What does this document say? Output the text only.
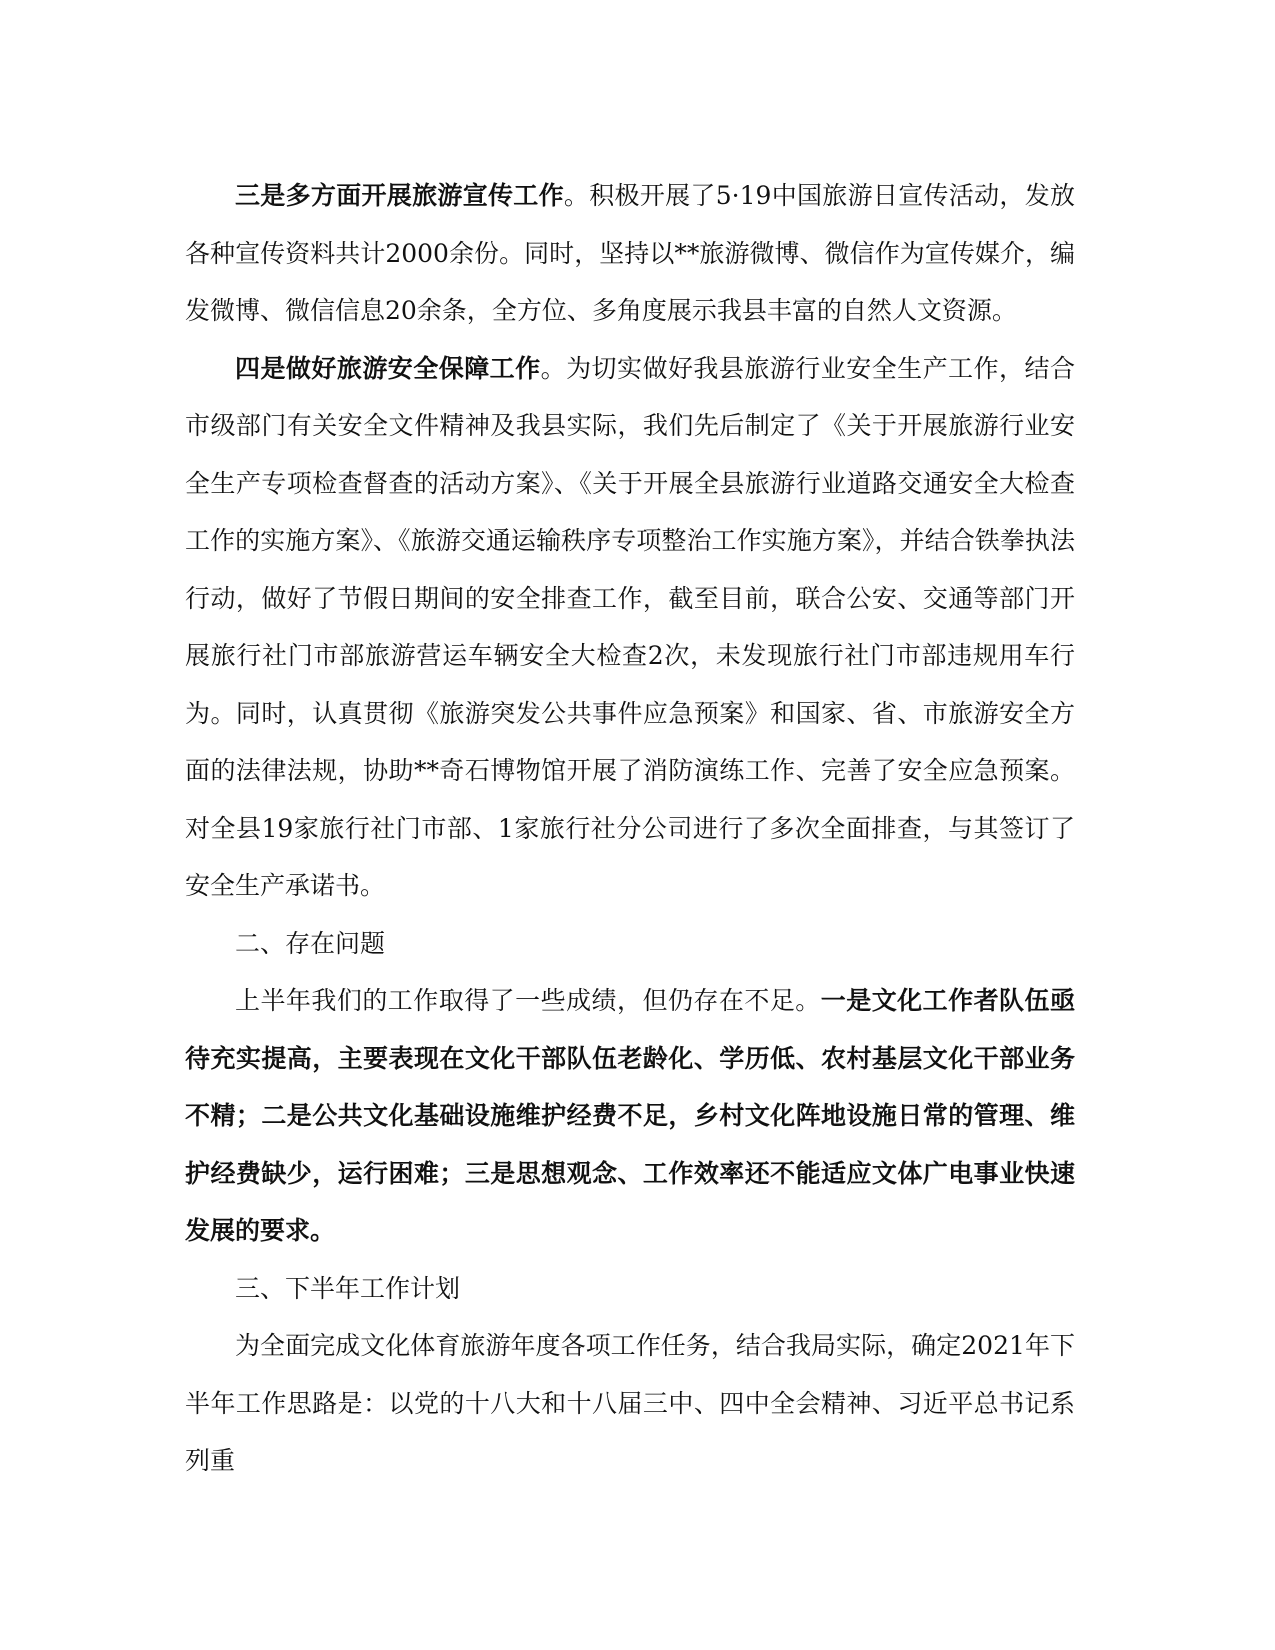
三是多方面开展旅游宣传工作。积极开展了5·19中国旅游日宣传活动，发放各种宣传资料共计2000余份。同时，坚持以**旅游微博、微信作为宣传媒介，编发微博、微信信息20余条，全方位、多角度展示我县丰富的自然人文资源。

四是做好旅游安全保障工作。为切实做好我县旅游行业安全生产工作，结合市级部门有关安全文件精神及我县实际，我们先后制定了《关于开展旅游行业安全生产专项检查督查的活动方案》、《关于开展全县旅游行业道路交通安全大检查工作的实施方案》、《旅游交通运输秩序专项整治工作实施方案》，并结合铁拳执法行动，做好了节假日期间的安全排查工作，截至目前，联合公安、交通等部门开展旅行社门市部旅游营运车辆安全大检查2次，未发现旅行社门市部违规用车行为。同时，认真贯彻《旅游突发公共事件应急预案》和国家、省、市旅游安全方面的法律法规，协助**奇石博物馆开展了消防演练工作、完善了安全应急预案。对全县19家旅行社门市部、1家旅行社分公司进行了多次全面排查，与其签订了安全生产承诺书。

二、存在问题

上半年我们的工作取得了一些成绩，但仍存在不足。一是文化工作者队伍亟待充实提高，主要表现在文化干部队伍老龄化、学历低、农村基层文化干部业务不精；二是公共文化基础设施维护经费不足，乡村文化阵地设施日常的管理、维护经费缺少，运行困难；三是思想观念、工作效率还不能适应文体广电事业快速发展的要求。

三、下半年工作计划

为全面完成文化体育旅游年度各项工作任务，结合我局实际，确定2021年下半年工作思路是：以党的十八大和十八届三中、四中全会精神、习近平总书记系列重
